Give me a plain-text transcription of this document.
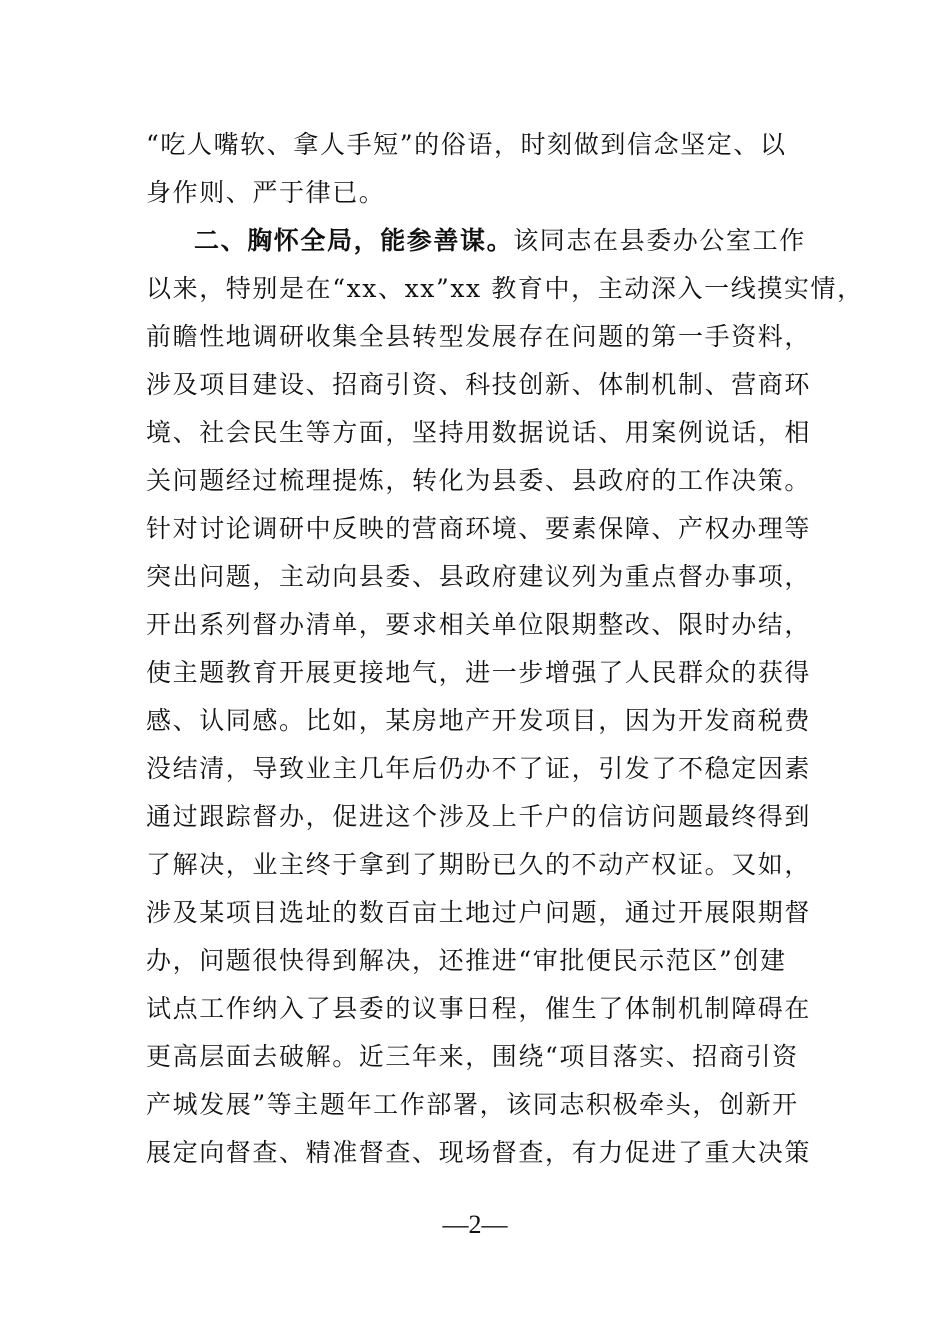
“吃人嘴软、拿人手短”的俗语，时刻做到信念坚定、以
身作则、严于律已。
二、胸怀全局，能参善谋。该同志在县委办公室工作
以来，特别是在“xx、xx”xx 教育中，主动深入一线摸实情，
前瞻性地调研收集全县转型发展存在问题的第一手资料，
涉及项目建设、招商引资、科技创新、体制机制、营商环
境、社会民生等方面，坚持用数据说话、用案例说话，相
关问题经过梳理提炼，转化为县委、县政府的工作决策。
针对讨论调研中反映的营商环境、要素保障、产权办理等
突出问题，主动向县委、县政府建议列为重点督办事项，
开出系列督办清单，要求相关单位限期整改、限时办结，
使主题教育开展更接地气，进一步增强了人民群众的获得
感、认同感。比如，某房地产开发项目，因为开发商税费
没结清，导致业主几年后仍办不了证，引发了不稳定因素
通过跟踪督办，促进这个涉及上千户的信访问题最终得到
了解决，业主终于拿到了期盼已久的不动产权证。又如，
涉及某项目选址的数百亩土地过户问题，通过开展限期督
办，问题很快得到解决，还推进“审批便民示范区”创建
试点工作纳入了县委的议事日程，催生了体制机制障碍在
更高层面去破解。近三年来，围绕“项目落实、招商引资
产城发展”等主题年工作部署，该同志积极牵头，创新开
展定向督查、精准督查、现场督查，有力促进了重大决策
—2—
